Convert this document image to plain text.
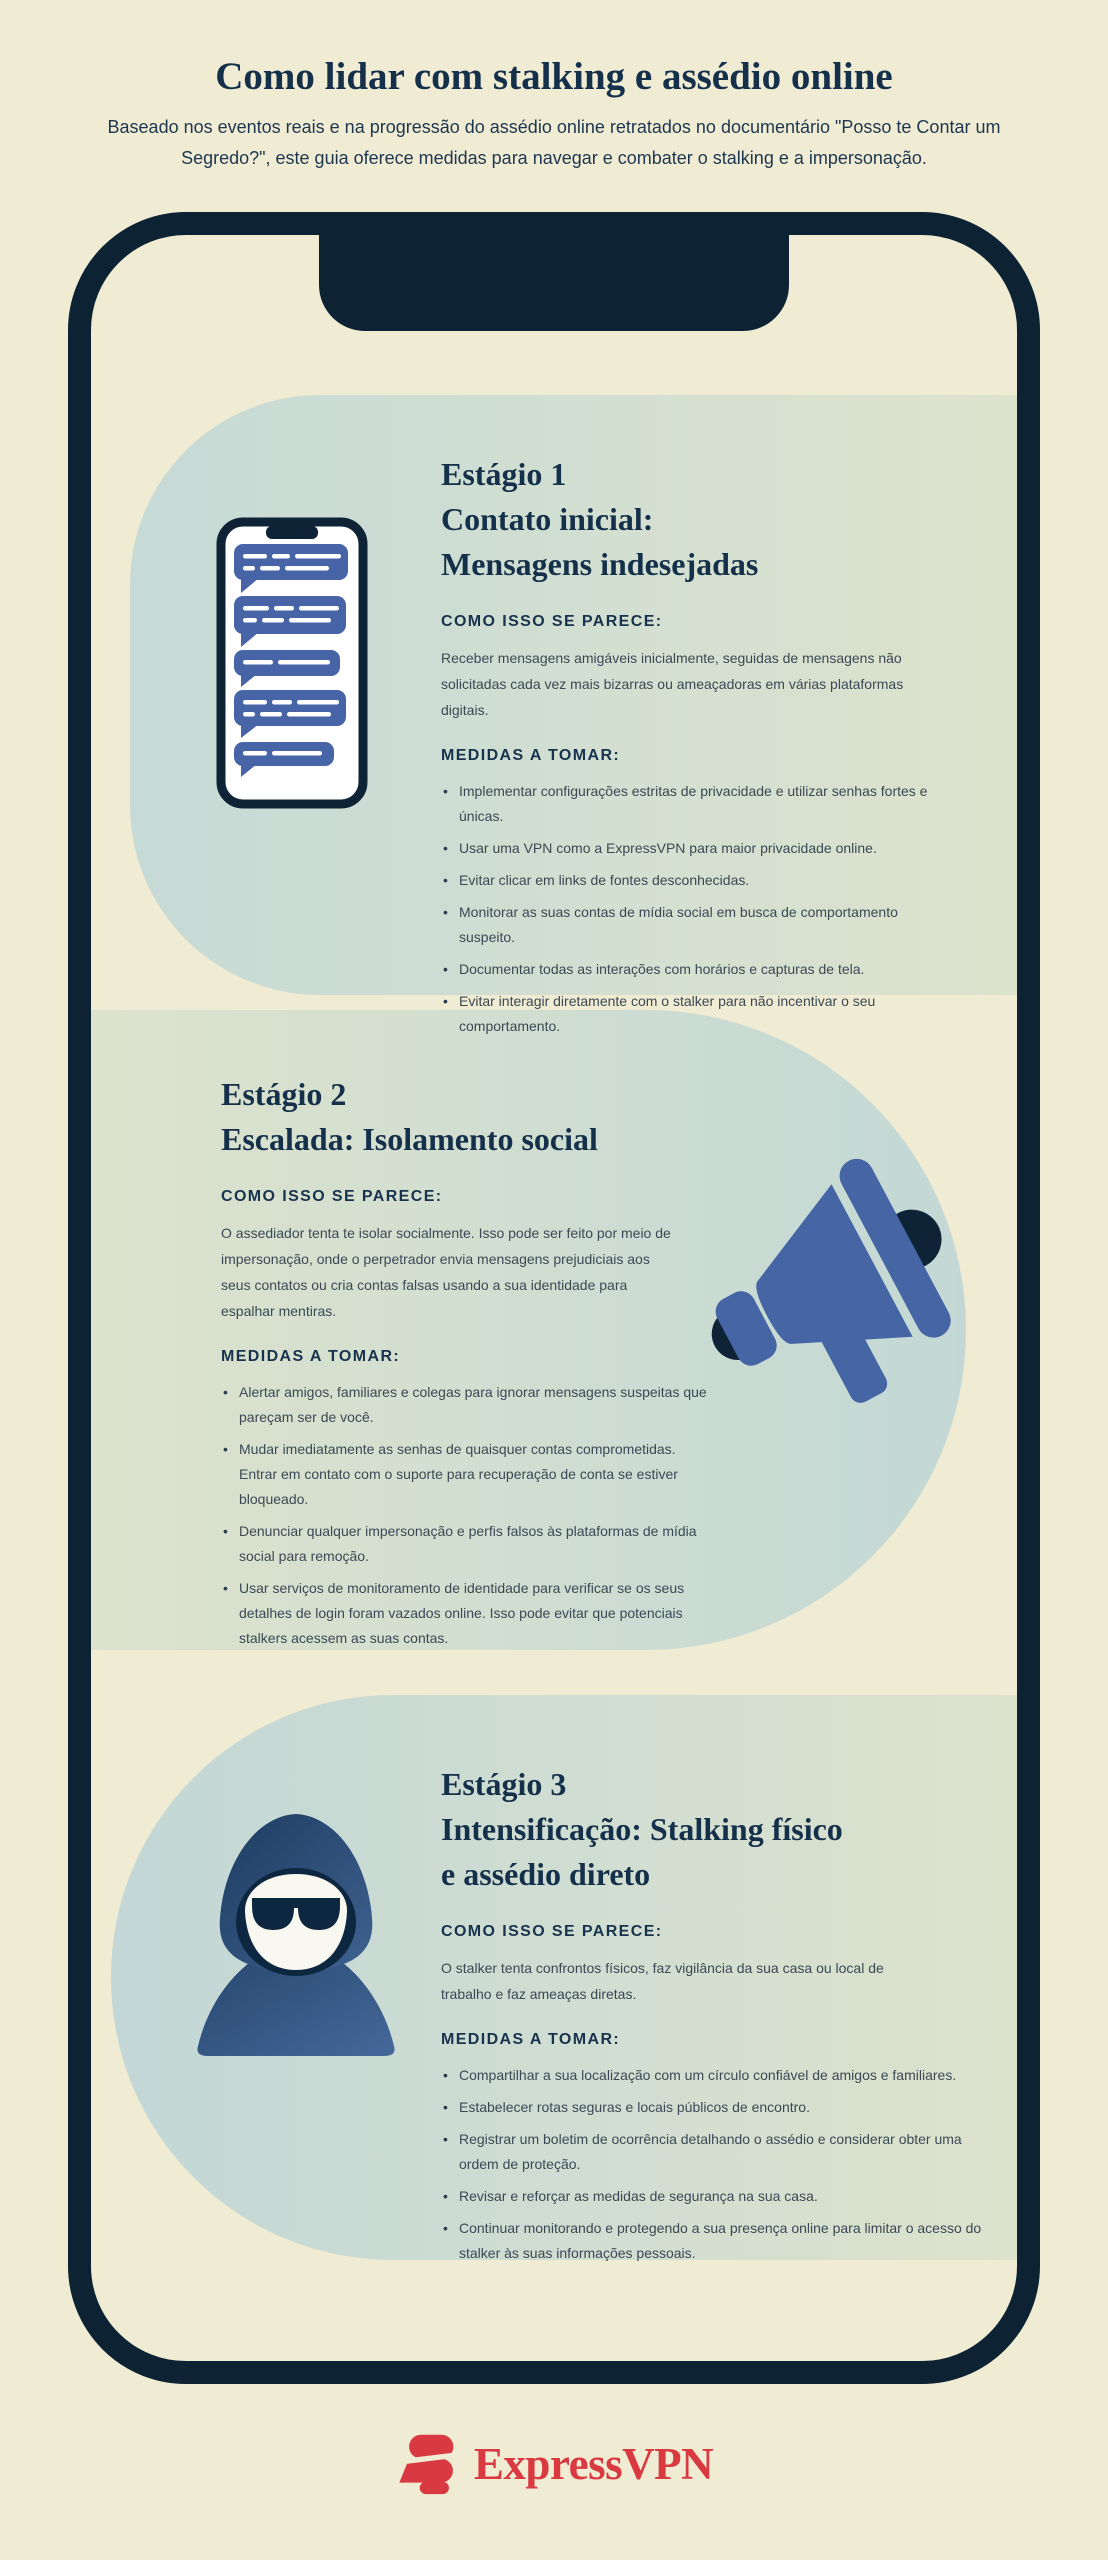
Como lidar com stalking e assédio online

Baseado nos eventos reais e na progressão do assédio online retratados no documentário "Posso te Contar um Segredo?", este guia oferece medidas para navegar e combater o stalking e a impersonação.

Estágio 1
Contato inicial:
Mensagens indesejadas
COMO ISSO SE PARECE:

Receber mensagens amigáveis inicialmente, seguidas de mensagens não solicitadas cada vez mais bizarras ou ameaçadoras em várias plataformas digitais.

MEDIDAS A TOMAR:
• Implementar configurações estritas de privacidade e utilizar senhas fortes e únicas.
• Usar uma VPN como a ExpressVPN para maior privacidade online.
• Evitar clicar em links de fontes desconhecidas.
• Monitorar as suas contas de mídia social em busca de comportamento suspeito.
• Documentar todas as interações com horários e capturas de tela.
• Evitar interagir diretamente com o stalker para não incentivar o seu comportamento.
Estágio 2
Escalada: Isolamento social
COMO ISSO SE PARECE:

O assediador tenta te isolar socialmente. Isso pode ser feito por meio de impersonação, onde o perpetrador envia mensagens prejudiciais aos seus contatos ou cria contas falsas usando a sua identidade para espalhar mentiras.

MEDIDAS A TOMAR:
• Alertar amigos, familiares e colegas para ignorar mensagens suspeitas que pareçam ser de você.
• Mudar imediatamente as senhas de quaisquer contas comprometidas. Entrar em contato com o suporte para recuperação de conta se estiver bloqueado.
• Denunciar qualquer impersonação e perfis falsos às plataformas de mídia social para remoção.
• Usar serviços de monitoramento de identidade para verificar se os seus detalhes de login foram vazados online. Isso pode evitar que potenciais stalkers acessem as suas contas.
Estágio 3
Intensificação: Stalking físico
e assédio direto
COMO ISSO SE PARECE:

O stalker tenta confrontos físicos, faz vigilância da sua casa ou local de trabalho e faz ameaças diretas.

MEDIDAS A TOMAR:
• Compartilhar a sua localização com um círculo confiável de amigos e familiares.
• Estabelecer rotas seguras e locais públicos de encontro.
• Registrar um boletim de ocorrência detalhando o assédio e considerar obter uma ordem de proteção.
• Revisar e reforçar as medidas de segurança na sua casa.
• Continuar monitorando e protegendo a sua presença online para limitar o acesso do stalker às suas informações pessoais.
ExpressVPN
